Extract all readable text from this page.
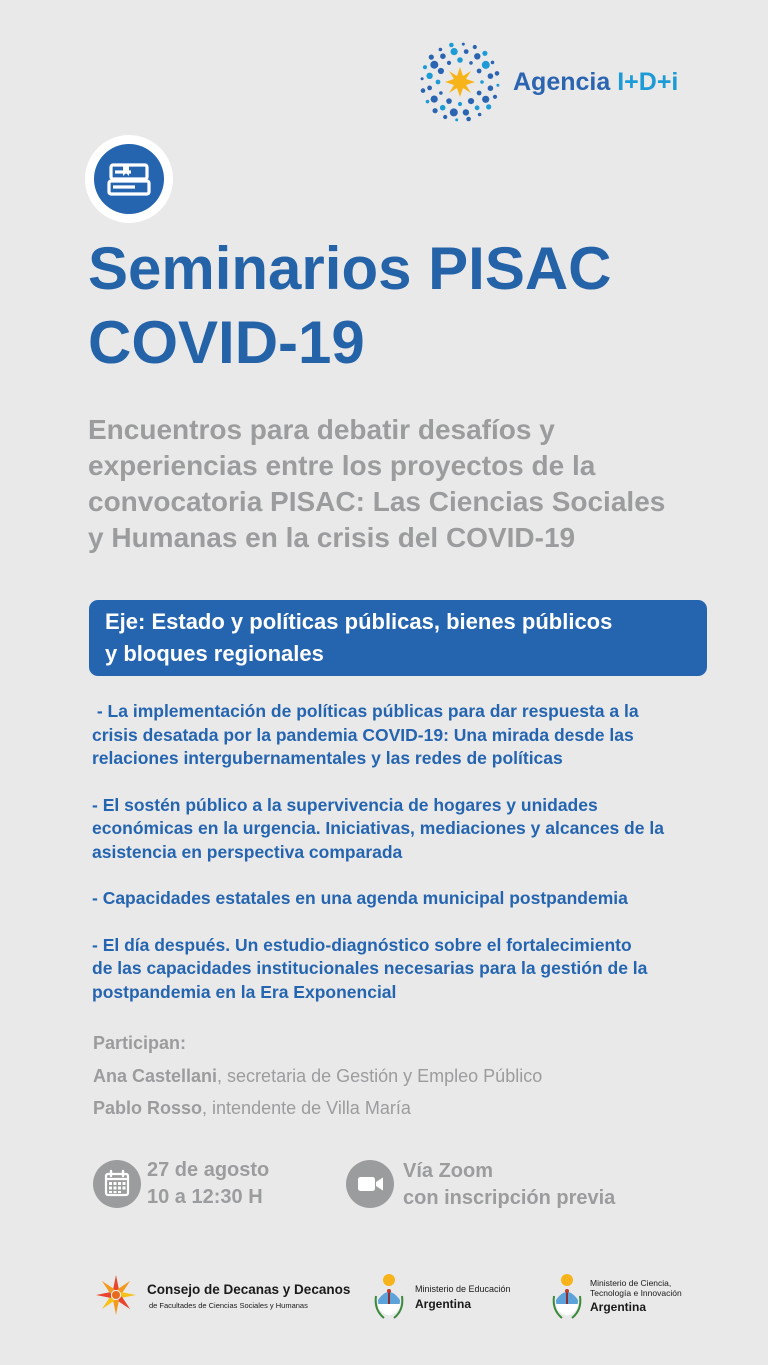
Agencia I+D+i
Seminarios PISAC
COVID-19
Encuentros para debatir desafíos y
experiencias entre los proyectos de la
convocatoria PISAC: Las Ciencias Sociales
y Humanas en la crisis del COVID-19
Eje: Estado y políticas públicas, bienes públicos
y bloques regionales
- La implementación de políticas públicas para dar respuesta a la
crisis desatada por la pandemia COVID-19: Una mirada desde las
relaciones intergubernamentales y las redes de políticas
- El sostén público a la supervivencia de hogares y unidades
económicas en la urgencia. Iniciativas, mediaciones y alcances de la
asistencia en perspectiva comparada
- Capacidades estatales en una agenda municipal postpandemia
- El día después. Un estudio-diagnóstico sobre el fortalecimiento
de las capacidades institucionales necesarias para la gestión de la
postpandemia en la Era Exponencial
Participan:
Ana Castellani, secretaria de Gestión y Empleo Público
Pablo Rosso, intendente de Villa María
27 de agosto
10 a 12:30 H
Vía Zoom
con inscripción previa
Consejo de Decanas y Decanos
de Facultades de Ciencias Sociales y Humanas
Ministerio de Educación
Argentina
Ministerio de Ciencia,
Tecnología e Innovación
Argentina
